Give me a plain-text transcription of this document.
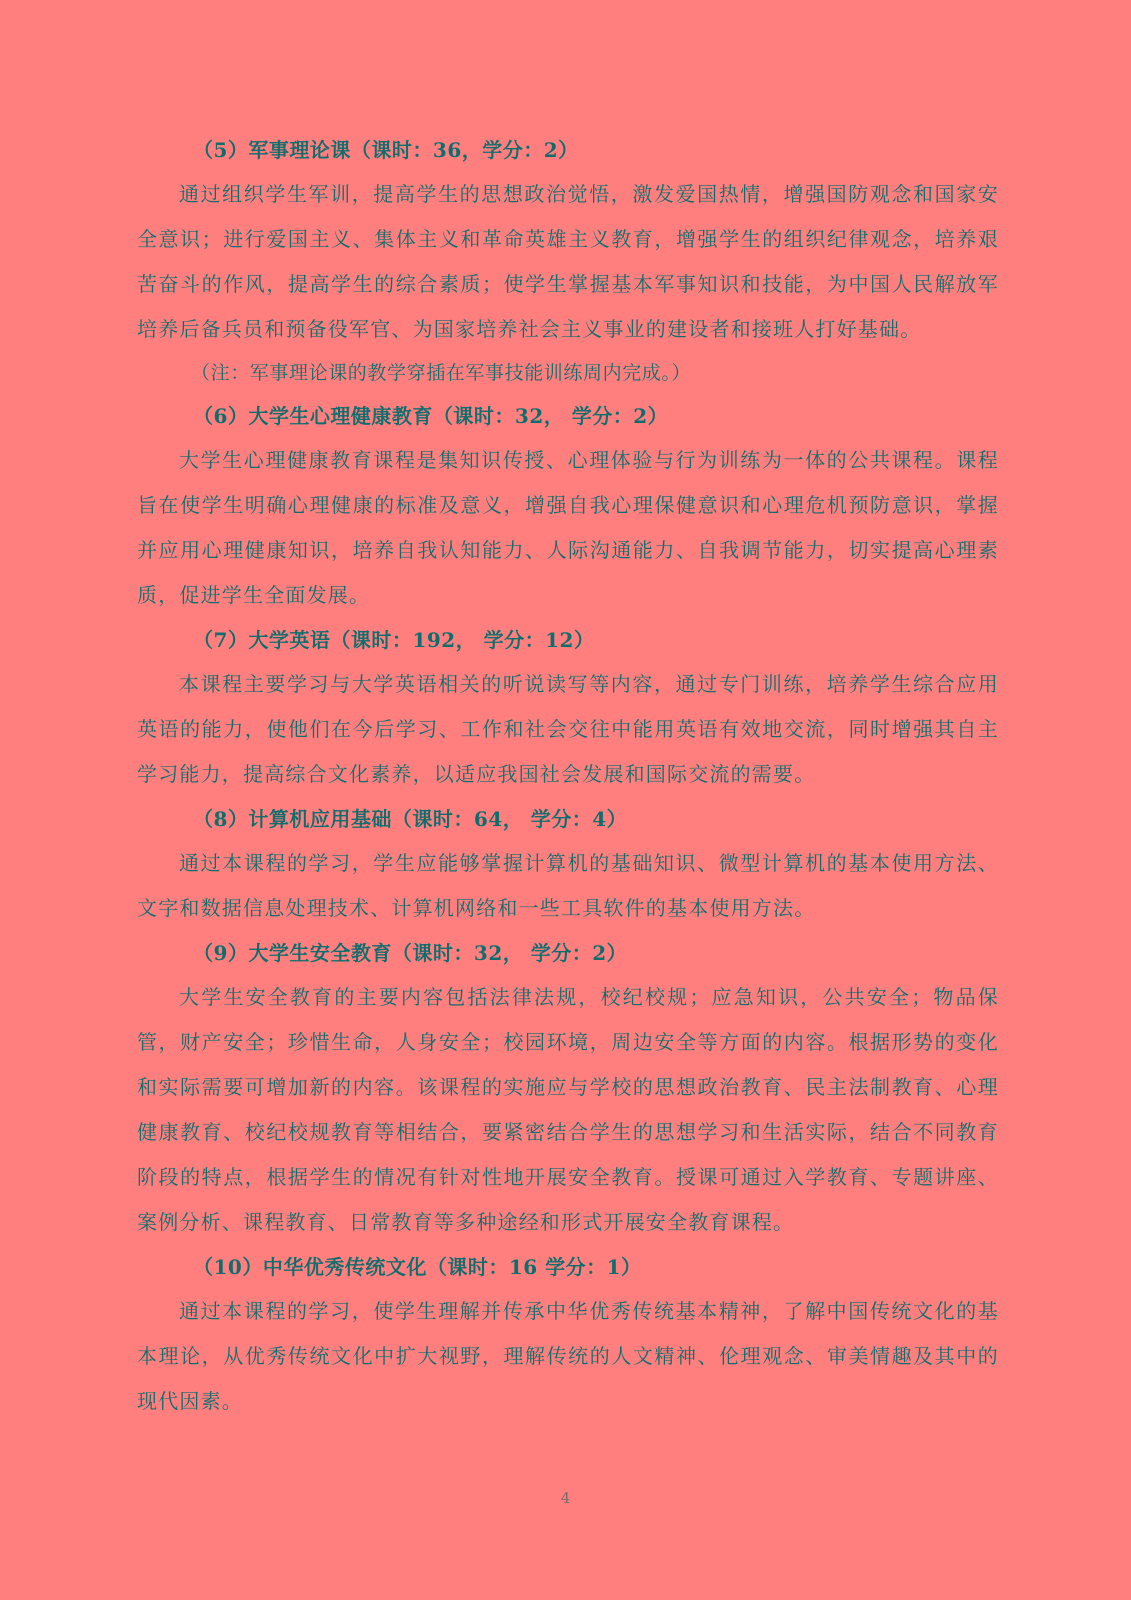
（5）军事理论课（课时：36，学分：2）

通过组织学生军训，提高学生的思想政治觉悟，激发爱国热情，增强国防观念和国家安全意识；进行爱国主义、集体主义和革命英雄主义教育，增强学生的组织纪律观念，培养艰苦奋斗的作风，提高学生的综合素质；使学生掌握基本军事知识和技能，为中国人民解放军培养后备兵员和预备役军官、为国家培养社会主义事业的建设者和接班人打好基础。

（注：军事理论课的教学穿插在军事技能训练周内完成。）
（6）大学生心理健康教育（课时：32， 学分：2）

大学生心理健康教育课程是集知识传授、心理体验与行为训练为一体的公共课程。课程旨在使学生明确心理健康的标准及意义，增强自我心理保健意识和心理危机预防意识，掌握并应用心理健康知识，培养自我认知能力、人际沟通能力、自我调节能力，切实提高心理素质，促进学生全面发展。

（7）大学英语（课时：192， 学分：12）

本课程主要学习与大学英语相关的听说读写等内容，通过专门训练，培养学生综合应用英语的能力，使他们在今后学习、工作和社会交往中能用英语有效地交流，同时增强其自主学习能力，提高综合文化素养，以适应我国社会发展和国际交流的需要。

（8）计算机应用基础（课时：64， 学分：4）

通过本课程的学习，学生应能够掌握计算机的基础知识、微型计算机的基本使用方法、文字和数据信息处理技术、计算机网络和一些工具软件的基本使用方法。

（9）大学生安全教育（课时：32， 学分：2）

大学生安全教育的主要内容包括法律法规，校纪校规；应急知识，公共安全；物品保管，财产安全；珍惜生命，人身安全；校园环境，周边安全等方面的内容。根据形势的变化和实际需要可增加新的内容。该课程的实施应与学校的思想政治教育、民主法制教育、心理健康教育、校纪校规教育等相结合，要紧密结合学生的思想学习和生活实际，结合不同教育阶段的特点，根据学生的情况有针对性地开展安全教育。授课可通过入学教育、专题讲座、案例分析、课程教育、日常教育等多种途经和形式开展安全教育课程。

（10）中华优秀传统文化（课时：16 学分：1）

通过本课程的学习，使学生理解并传承中华优秀传统基本精神，了解中国传统文化的基本理论，从优秀传统文化中扩大视野，理解传统的人文精神、伦理观念、审美情趣及其中的现代因素。

4
